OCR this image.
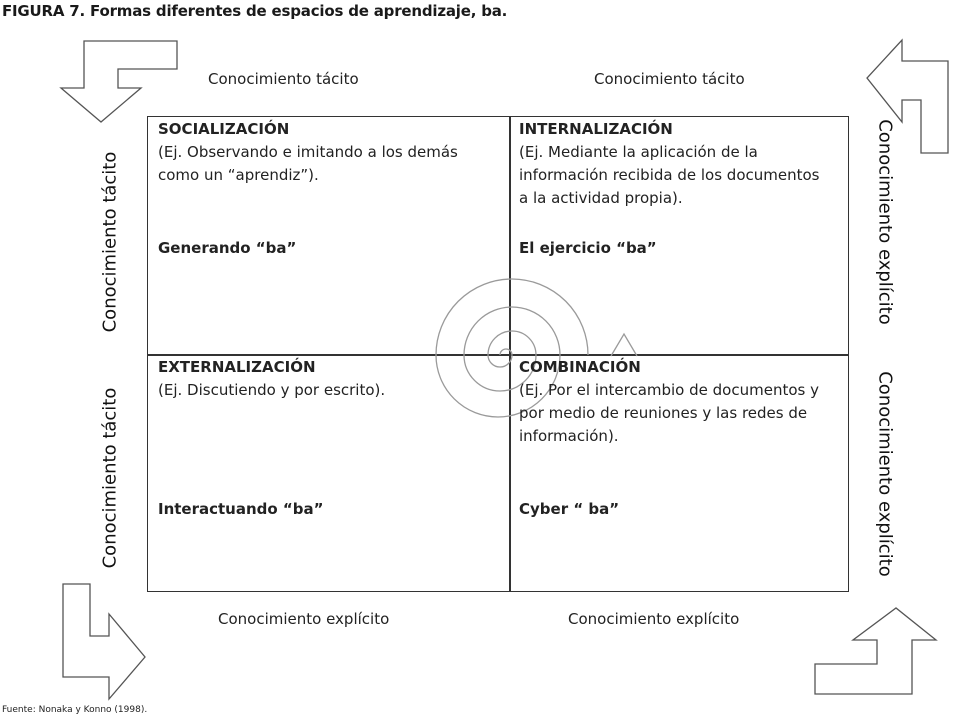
FIGURA 7. Formas diferentes de espacios de aprendizaje, ba.
Conocimiento tácito	Conocimiento tácito
Conocimiento explícito	Conocimiento explícito
Conocimiento tácito
Conocimiento tácito
Conocimiento explícito
Conocimiento explícito
SOCIALIZACIÓN
(Ej. Observando e imitando a los demás
como un “aprendiz”).
Generando “ba”
INTERNALIZACIÓN
(Ej. Mediante la aplicación de la
información recibida de los documentos
a la actividad propia).
El ejercicio “ba”
EXTERNALIZACIÓN
(Ej. Discutiendo y por escrito).
Interactuando “ba”
COMBINACIÓN
(Ej. Por el intercambio de documentos y
por medio de reuniones y las redes de
información).
Cyber “ ba”
Fuente: Nonaka y Konno (1998).
